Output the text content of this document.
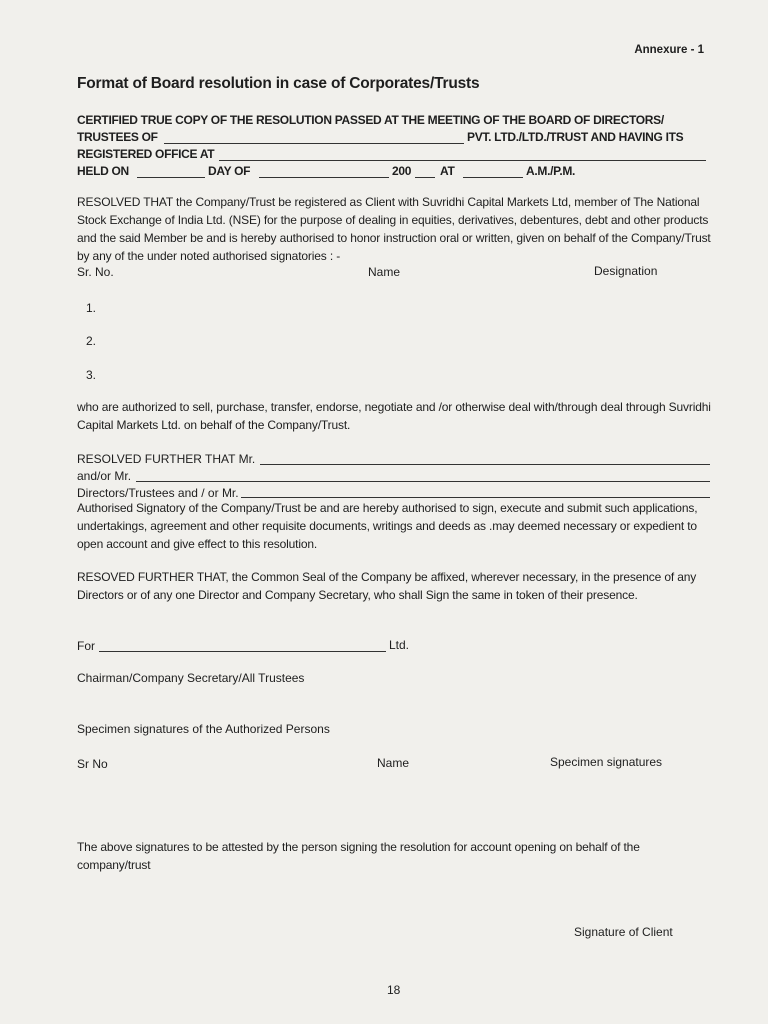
Annexure - 1
Format of Board resolution in case of Corporates/Trusts
CERTIFIED TRUE COPY OF THE RESOLUTION PASSED AT THE MEETING OF THE BOARD OF DIRECTORS/
TRUSTEES OF	PVT. LTD./LTD./TRUST AND HAVING ITS
REGISTERED OFFICE AT
HELD ON	DAY OF	200 AT	A.M./P.M.
RESOLVED THAT the Company/Trust be registered as Client with Suvridhi Capital Markets Ltd, member of The National Stock Exchange of India Ltd. (NSE) for the purpose of dealing in equities, derivatives, debentures, debt and other products and the said Member be and is hereby authorised to honor instruction oral or written, given on behalf of the Company/Trust by any of the under noted authorised signatories : -
Sr. No.	Name	Designation
1.
2.
3.
who are authorized to sell, purchase, transfer, endorse, negotiate and /or otherwise deal with/through deal through Suvridhi Capital Markets Ltd. on behalf of the Company/Trust.
RESOLVED FURTHER THAT Mr.
and/or Mr.
Directors/Trustees and / or Mr.
Authorised Signatory of the Company/Trust be and are hereby authorised to sign, execute and submit such applications, undertakings, agreement and other requisite documents, writings and deeds as .may deemed necessary or expedient to open account and give effect to this resolution.
RESOVED FURTHER THAT, the Common Seal of the Company be affixed, wherever necessary, in the presence of any Directors or of any one Director and Company Secretary, who shall Sign the same in token of their presence.
For	Ltd.
Chairman/Company Secretary/All Trustees
Specimen signatures of the Authorized Persons
Sr No	Name	Specimen signatures
The above signatures to be attested by the person signing the resolution for account opening on behalf of the company/trust
Signature of Client
18
